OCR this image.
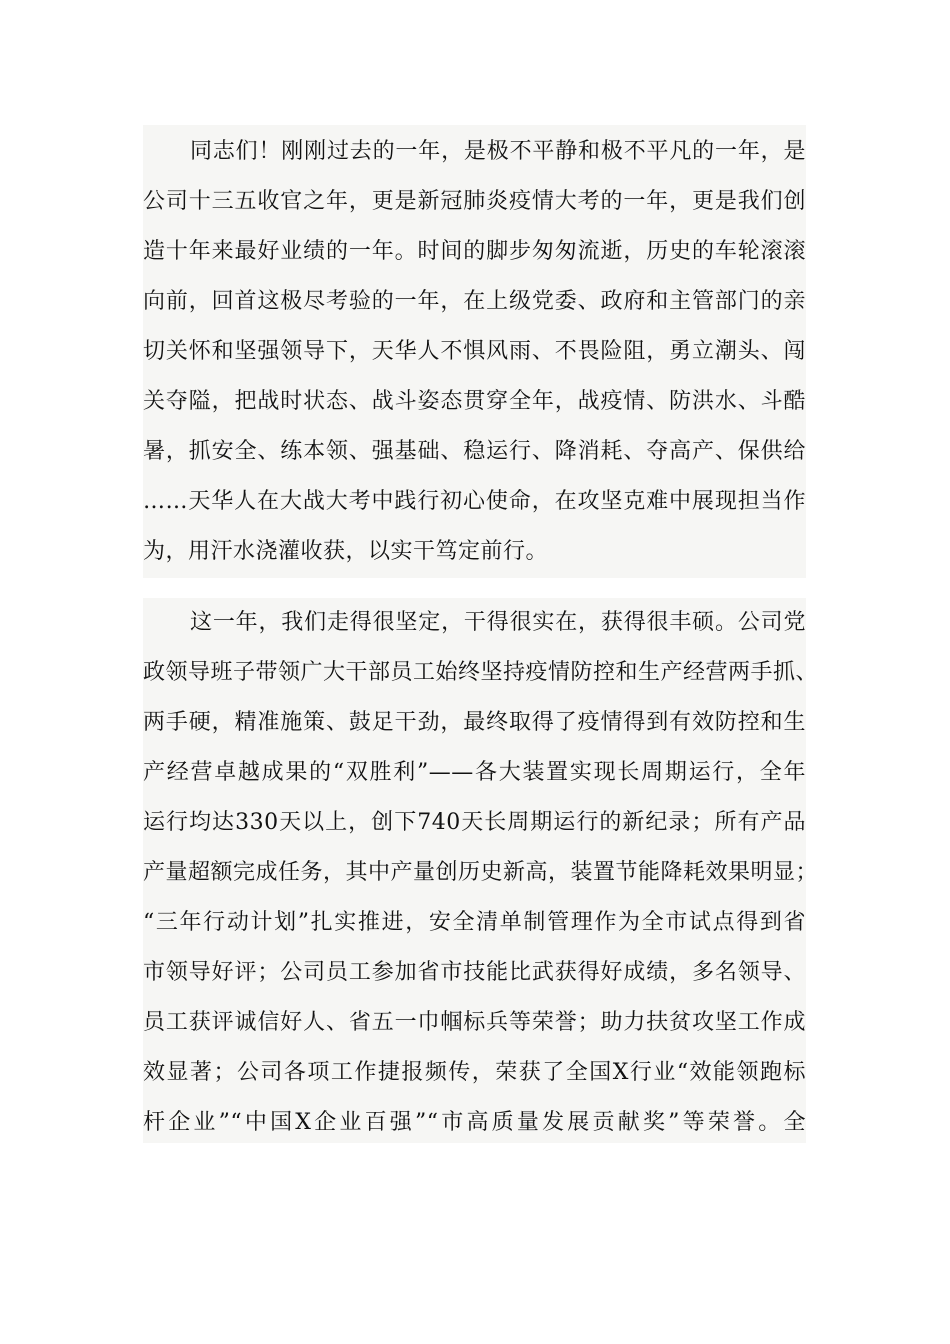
同志们！刚刚过去的一年，是极不平静和极不平凡的一年，是
公司十三五收官之年，更是新冠肺炎疫情大考的一年，更是我们创
造十年来最好业绩的一年。时间的脚步匆匆流逝，历史的车轮滚滚
向前，回首这极尽考验的一年，在上级党委、政府和主管部门的亲
切关怀和坚强领导下，天华人不惧风雨、不畏险阻，勇立潮头、闯
关夺隘，把战时状态、战斗姿态贯穿全年，战疫情、防洪水、斗酷
暑，抓安全、练本领、强基础、稳运行、降消耗、夺高产、保供给
……天华人在大战大考中践行初心使命，在攻坚克难中展现担当作
为，用汗水浇灌收获，以实干笃定前行。
这一年，我们走得很坚定，干得很实在，获得很丰硕。公司党
政领导班子带领广大干部员工始终坚持疫情防控和生产经营两手抓、
两手硬，精准施策、鼓足干劲，最终取得了疫情得到有效防控和生
产经营卓越成果的“双胜利”——各大装置实现长周期运行，全年
运行均达330天以上，创下740天长周期运行的新纪录；所有产品
产量超额完成任务，其中产量创历史新高，装置节能降耗效果明显；
“三年行动计划”扎实推进，安全清单制管理作为全市试点得到省
市领导好评；公司员工参加省市技能比武获得好成绩，多名领导、
员工获评诚信好人、省五一巾帼标兵等荣誉；助力扶贫攻坚工作成
效显著；公司各项工作捷报频传，荣获了全国X行业“效能领跑标
杆企业”“中国X企业百强”“市高质量发展贡献奖”等荣誉。全
